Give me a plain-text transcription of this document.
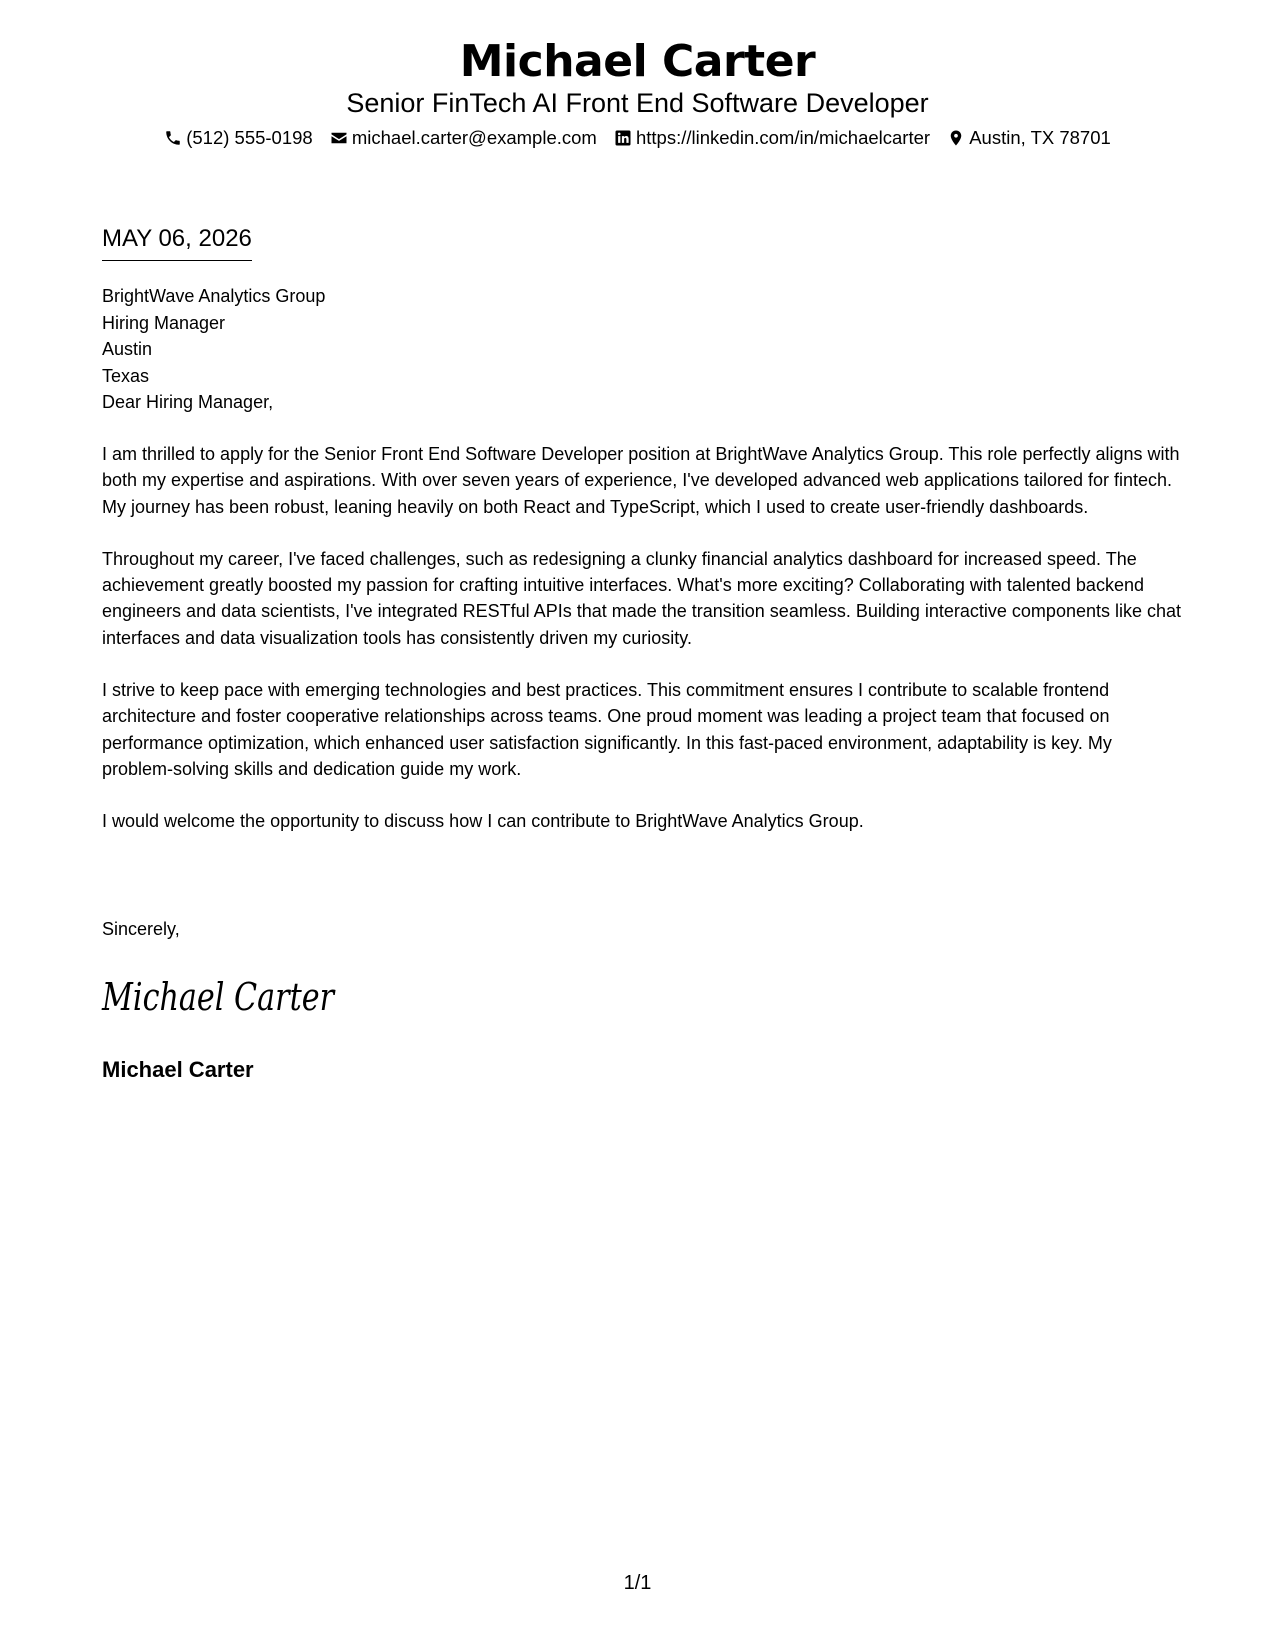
Michael Carter
Senior FinTech AI Front End Software Developer
(512) 555-0198
michael.carter@example.com
https://linkedin.com/in/michaelcarter
Austin, TX 78701
MAY 06, 2026
BrightWave Analytics Group
Hiring Manager
Austin
Texas
Dear Hiring Manager,

I am thrilled to apply for the Senior Front End Software Developer position at BrightWave Analytics Group. This role perfectly aligns with both my expertise and aspirations. With over seven years of experience, I've developed advanced web applications tailored for fintech. My journey has been robust, leaning heavily on both React and TypeScript, which I used to create user-friendly dashboards.

Throughout my career, I've faced challenges, such as redesigning a clunky financial analytics dashboard for increased speed. The achievement greatly boosted my passion for crafting intuitive interfaces. What's more exciting? Collaborating with talented backend engineers and data scientists, I've integrated RESTful APIs that made the transition seamless. Building interactive components like chat interfaces and data visualization tools has consistently driven my curiosity.

I strive to keep pace with emerging technologies and best practices. This commitment ensures I contribute to scalable frontend architecture and foster cooperative relationships across teams. One proud moment was leading a project team that focused on performance optimization, which enhanced user satisfaction significantly. In this fast-paced environment, adaptability is key. My problem-solving skills and dedication guide my work.

I would welcome the opportunity to discuss how I can contribute to BrightWave Analytics Group.

Sincerely,
Michael Carter
Michael Carter
1/1
